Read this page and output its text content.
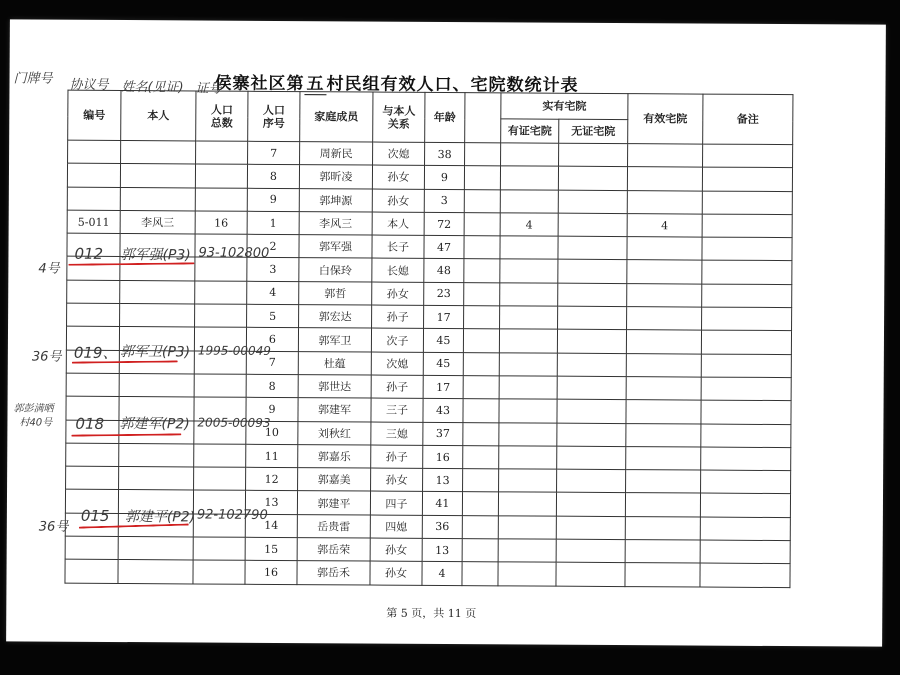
侯寨社区第 五 村民组有效人口、宅院数统计表
门牌号 协议号 姓名(见证) 证号
编号	本人	人口总数	人口序号	家庭成员	与本人关系	年龄		实有宅院		有效宅院	备注
								有证宅院	无证宅院		
			7	周新民	次媳	38					
			8	郭昕凌	孙女	9					
			9	郭坤源	孙女	3					
5-011	李风三	16	1	李风三	本人	72		4		4	
			2	郭军强	长子	47					
			3	白保玲	长媳	48					
			4	郭哲	孙女	23					
			5	郭宏达	孙子	17					
			6	郭军卫	次子	45					
			7	杜蕴	次媳	45					
			8	郭世达	孙子	17					
			9	郭建军	三子	43					
			10	刘秋红	三媳	37					
			11	郭嘉乐	孙子	16					
			12	郭嘉美	孙女	13					
			13	郭建平	四子	41					
			14	岳贵雷	四媳	36					
			15	郭岳荣	孙女	13					
			16	郭岳禾	孙女	4					
4号
012 郭军强(P3) 93-102800
36号 019、 郭军卫(P3) 1995-00049
郭彭满晒
村40号 018 郭建军(P2) 2005-00093
36号
015 郭建平(P2) 92-102790
第 5 页，共 11 页
